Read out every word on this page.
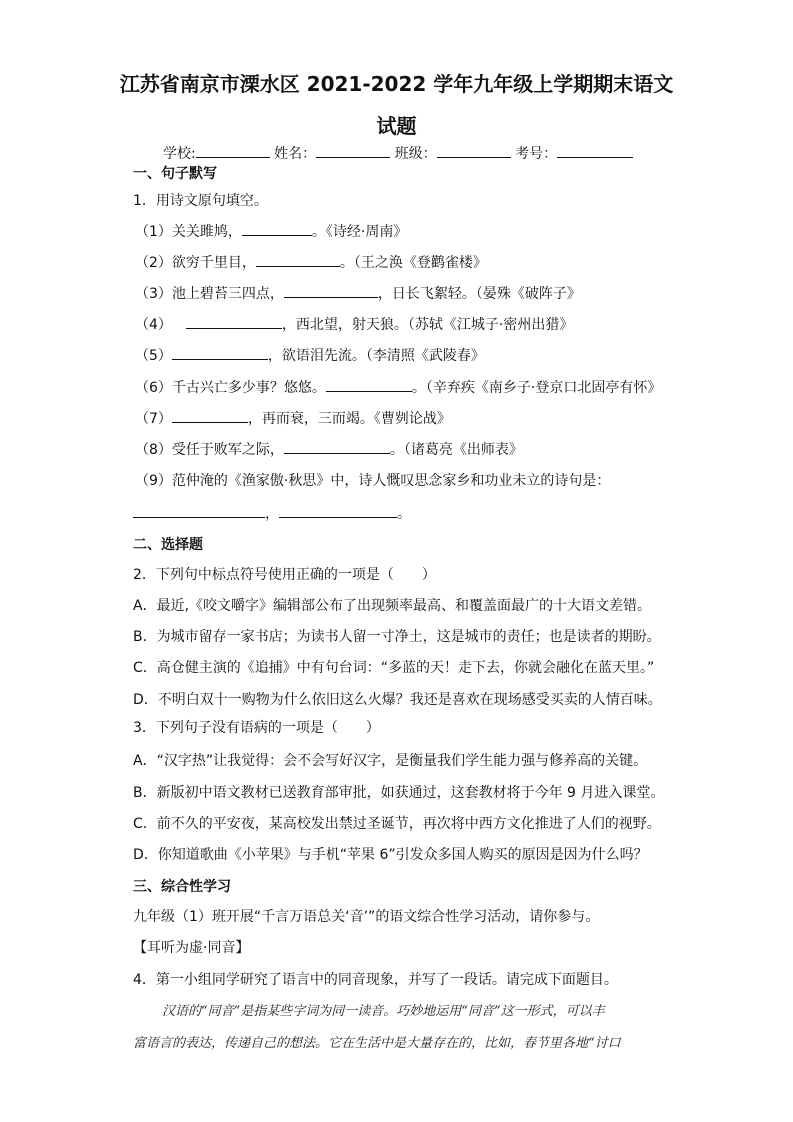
江苏省南京市溧水区 2021-2022 学年九年级上学期期末语文
试题
学校:	姓名：	班级：	考号：
一、句子默写
1．用诗文原句填空。
（1）关关雎鸠，	。《诗经·周南》
（2）欲穷千里目，	。（王之涣《登鹳雀楼》
（3）池上碧苔三四点，	，日长飞絮轻。（晏殊《破阵子》
（4）	，西北望，射天狼。（苏轼《江城子·密州出猎》
（5）	，欲语泪先流。（李清照《武陵春》
（6）千古兴亡多少事？悠悠。	。（辛弃疾《南乡子·登京口北固亭有怀》
（7）	，再而衰，三而竭。《曹刿论战》
（8）受任于败军之际，	。（诸葛亮《出师表》
（9）范仲淹的《渔家傲·秋思》中，诗人慨叹思念家乡和功业未立的诗句是：
，	。
二、选择题
2．下列句中标点符号使用正确的一项是（　　）
A．最近,《咬文嚼字》编辑部公布了出现频率最高、和覆盖面最广的十大语文差错。
B．为城市留存一家书店；为读书人留一寸净土，这是城市的责任；也是读者的期盼。
C．高仓健主演的《追捕》中有句台词：“多蓝的天！走下去，你就会融化在蓝天里。”
D．不明白双十一购物为什么依旧这么火爆？我还是喜欢在现场感受买卖的人情百味。
3．下列句子没有语病的一项是（　　）
A．“汉字热”让我觉得：会不会写好汉字，是衡量我们学生能力强与修养高的关键。
B．新版初中语文教材已送教育部审批，如获通过，这套教材将于今年 9 月进入课堂。
C．前不久的平安夜，某高校发出禁过圣诞节，再次将中西方文化推进了人们的视野。
D．你知道歌曲《小苹果》与手机“苹果 6”引发众多国人购买的原因是因为什么吗？
三、综合性学习
九年级（1）班开展“千言万语总关‘音’”的语文综合性学习活动，请你参与。
【耳听为虚·同音】
4．第一小组同学研究了语言中的同音现象，并写了一段话。请完成下面题目。
汉语的“同音”是指某些字词为同一读音。巧妙地运用“同音”这一形式，可以丰
富语言的表达，传递自己的想法。它在生活中是大量存在的，比如，春节里各地“讨口
